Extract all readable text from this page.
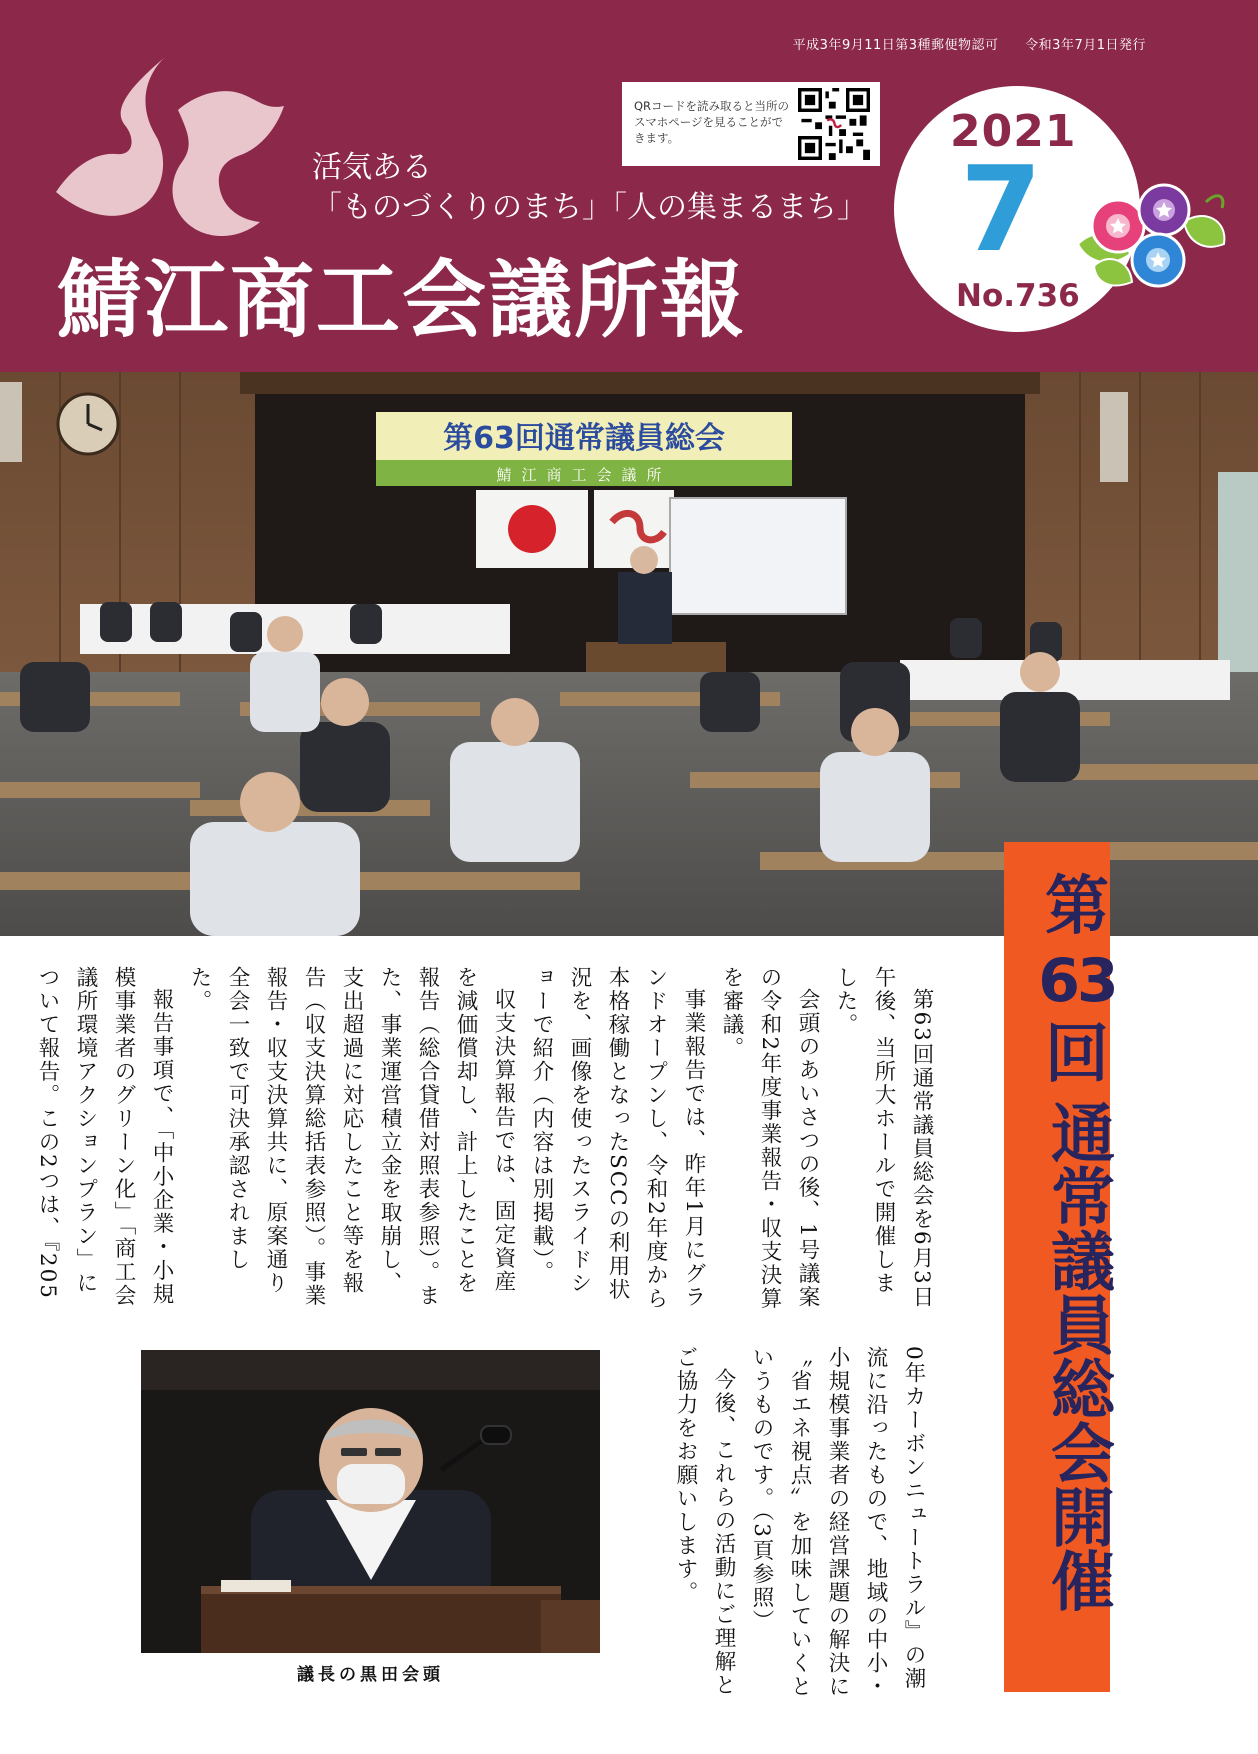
平成3年9月11日第3種郵便物認可 令和3年7月1日発行
活気ある
「ものづくりのまち」「人の集まるまち」
鯖江商工会議所報
QRコードを読み取ると当所のスマホページを見ることができます。	2021
7
No.736
第63回通常議員総会
鯖江商工会議所
第
63
回
通常議員総会開催
第63回通常議員総会を6月3日午後、当所大ホールで開催しました。
会頭のあいさつの後、1号議案の令和2年度事業報告・収支決算を審議。
事業報告では、昨年1月にグランドオープンし、令和2年度から本格稼働となったSCCの利用状況を、画像を使ったスライドショーで紹介（内容は別掲載）。
収支決算報告では、固定資産を減価償却し、計上したことを報告（総合貸借対照表参照）。また、事業運営積立金を取崩し、支出超過に対応したこと等を報告（収支決算総括表参照）。事業報告・収支決算共に、原案通り全会一致で可決承認されました。
報告事項で、「中小企業・小規模事業者のグリーン化」「商工会議所環境アクションプラン」について報告。この2つは、『205
0年カーボンニュートラル』の潮流に沿ったもので、地域の中小・小規模事業者の経営課題の解決に〝省エネ視点〟を加味していくというものです。（3頁参照）
今後、これらの活動にご理解とご協力をお願いします。
議長の黒田会頭
